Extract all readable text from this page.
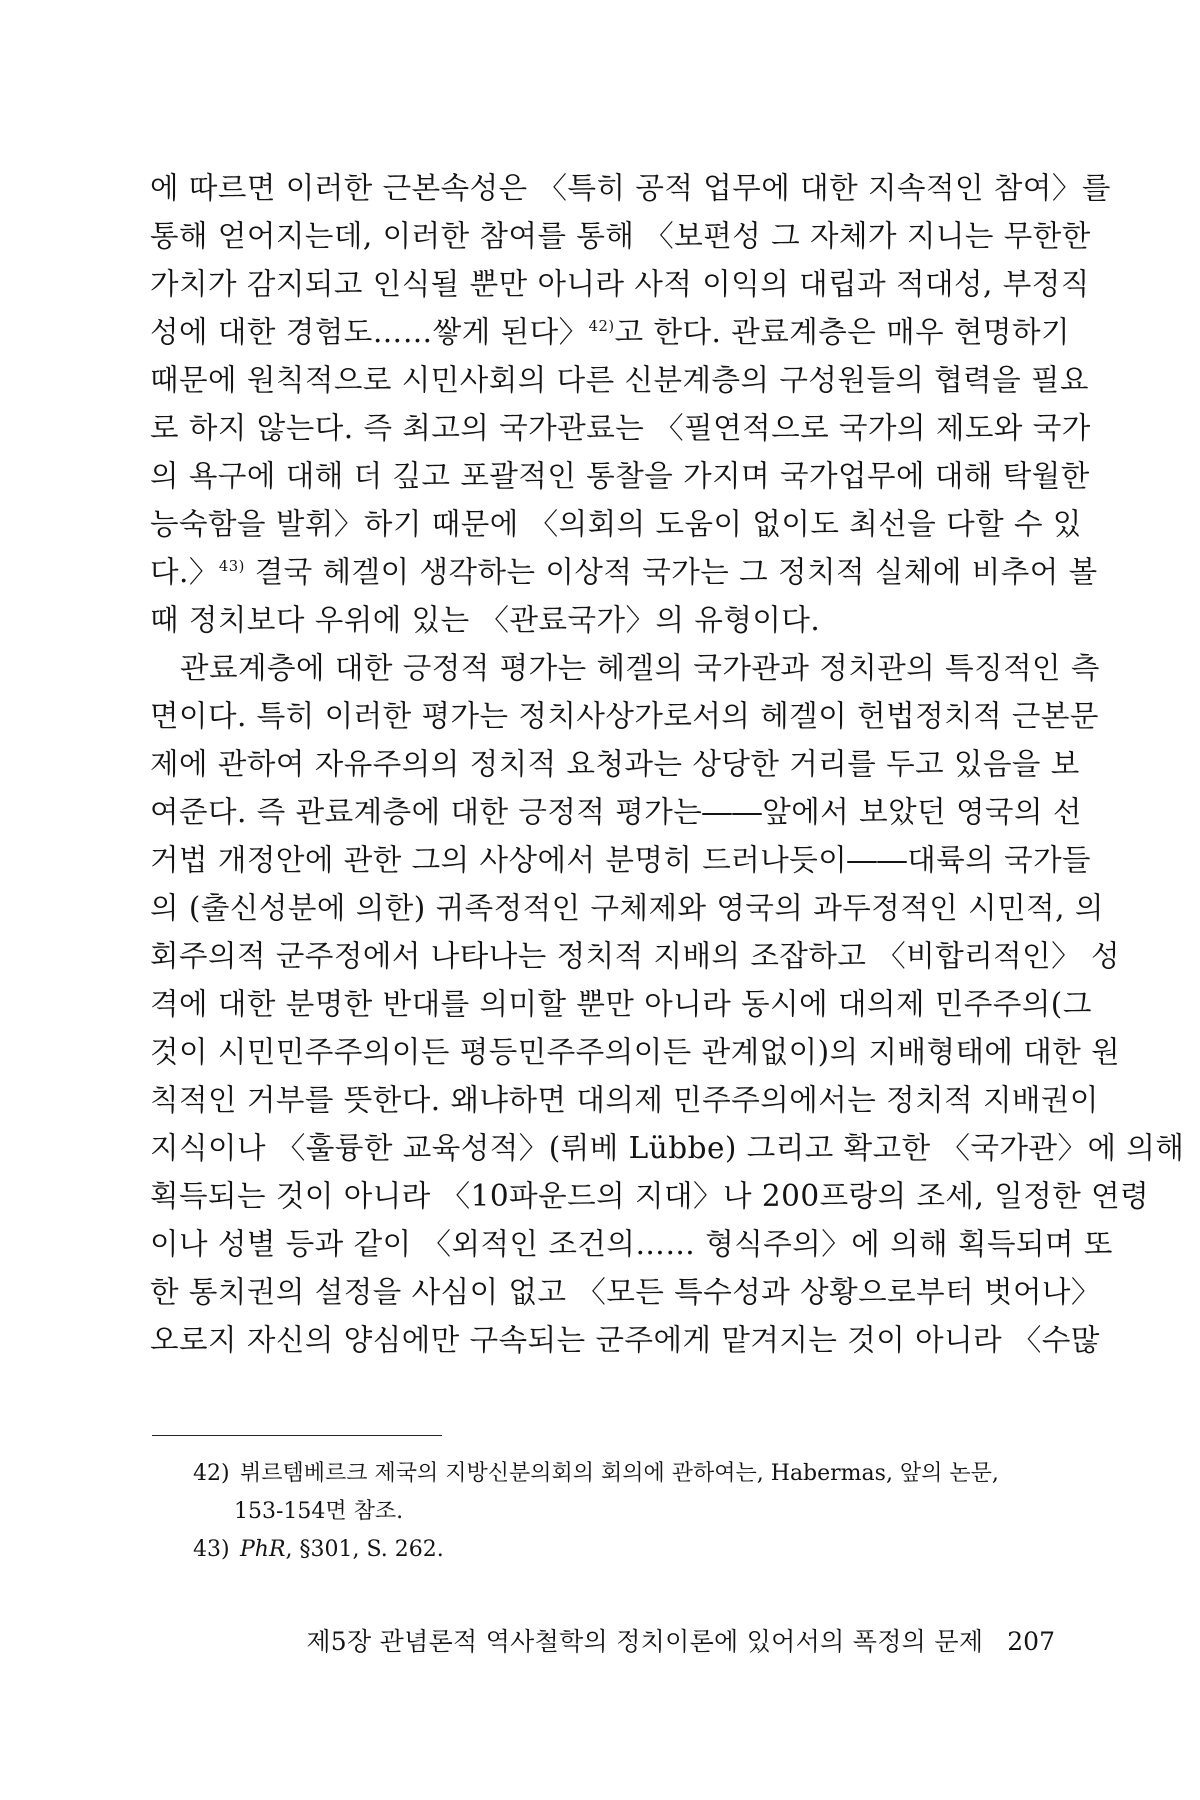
에 따르면 이러한 근본속성은 〈특히 공적 업무에 대한 지속적인 참여〉를
통해 얻어지는데, 이러한 참여를 통해 〈보편성 그 자체가 지니는 무한한
가치가 감지되고 인식될 뿐만 아니라 사적 이익의 대립과 적대성, 부정직
성에 대한 경험도……쌓게 된다〉$^{42)}$고 한다. 관료계층은 매우 현명하기
때문에 원칙적으로 시민사회의 다른 신분계층의 구성원들의 협력을 필요
로 하지 않는다. 즉 최고의 국가관료는 〈필연적으로 국가의 제도와 국가
의 욕구에 대해 더 깊고 포괄적인 통찰을 가지며 국가업무에 대해 탁월한
능숙함을 발휘〉하기 때문에 〈의회의 도움이 없이도 최선을 다할 수 있
다.〉$^{43)}$ 결국 헤겔이 생각하는 이상적 국가는 그 정치적 실체에 비추어 볼
때 정치보다 우위에 있는 〈관료국가〉의 유형이다.
관료계층에 대한 긍정적 평가는 헤겔의 국가관과 정치관의 특징적인 측
면이다. 특히 이러한 평가는 정치사상가로서의 헤겔이 헌법정치적 근본문
제에 관하여 자유주의의 정치적 요청과는 상당한 거리를 두고 있음을 보
여준다. 즉 관료계층에 대한 긍정적 평가는――앞에서 보았던 영국의 선
거법 개정안에 관한 그의 사상에서 분명히 드러나듯이――대륙의 국가들
의 (출신성분에 의한) 귀족정적인 구체제와 영국의 과두정적인 시민적, 의
회주의적 군주정에서 나타나는 정치적 지배의 조잡하고 〈비합리적인〉 성
격에 대한 분명한 반대를 의미할 뿐만 아니라 동시에 대의제 민주주의(그
것이 시민민주주의이든 평등민주주의이든 관계없이)의 지배형태에 대한 원
칙적인 거부를 뜻한다. 왜냐하면 대의제 민주주의에서는 정치적 지배권이
지식이나 〈훌륭한 교육성적〉(뤼베 Lübbe) 그리고 확고한 〈국가관〉에 의해
획득되는 것이 아니라 〈10파운드의 지대〉나 200프랑의 조세, 일정한 연령
이나 성별 등과 같이 〈외적인 조건의…… 형식주의〉에 의해 획득되며 또
한 통치권의 설정을 사심이 없고 〈모든 특수성과 상황으로부터 벗어나〉
오로지 자신의 양심에만 구속되는 군주에게 맡겨지는 것이 아니라 〈수많
42) 뷔르템베르크 제국의 지방신분의회의 회의에 관하여는, Habermas, 앞의 논문,
153-154면 참조.
43) PhR, §301, S. 262.
제5장 관념론적 역사철학의 정치이론에 있어서의 폭정의 문제 207
